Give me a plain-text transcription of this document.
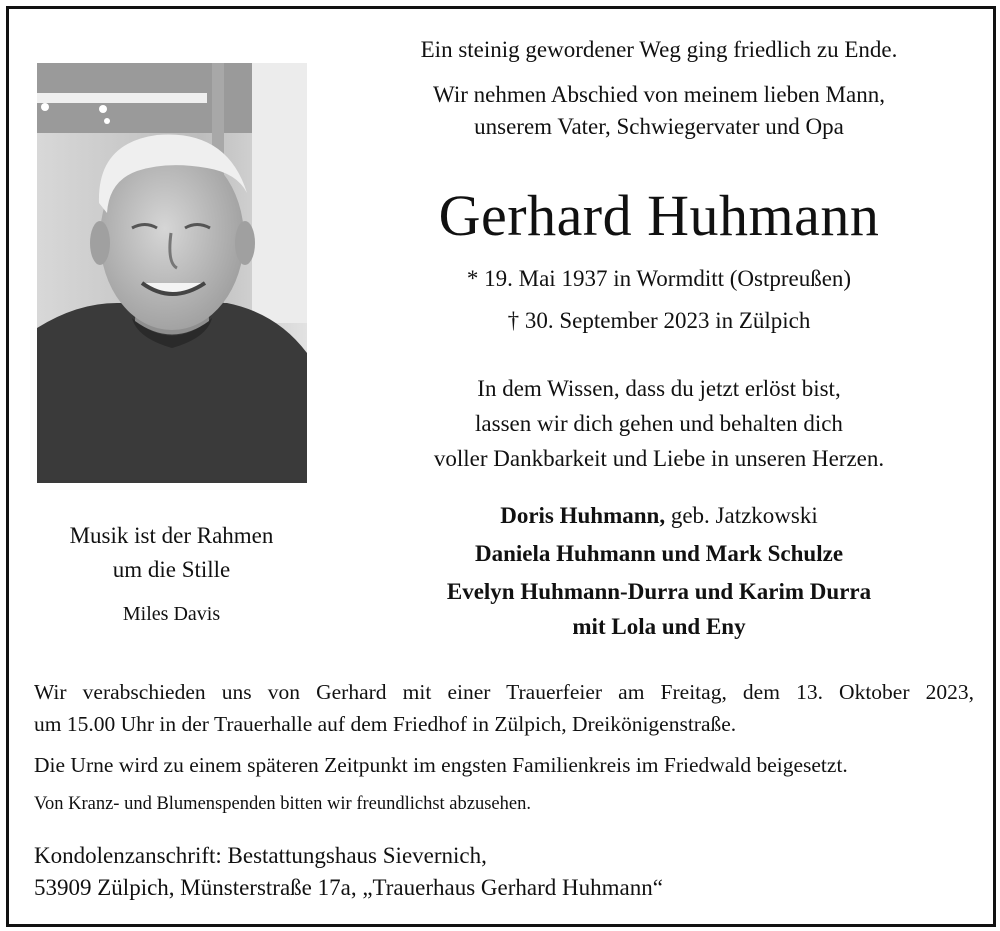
Ein steinig gewordener Weg ging friedlich zu Ende.
Wir nehmen Abschied von meinem lieben Mann,
unserem Vater, Schwiegervater und Opa
Gerhard Huhmann
* 19. Mai 1937 in Wormditt (Ostpreußen)
† 30. September 2023 in Zülpich
In dem Wissen, dass du jetzt erlöst bist,
lassen wir dich gehen und behalten dich
voller Dankbarkeit und Liebe in unseren Herzen.
Doris Huhmann, geb. Jatzkowski
Daniela Huhmann und Mark Schulze
Evelyn Huhmann-Durra und Karim Durra
mit Lola und Eny
Musik ist der Rahmen
um die Stille
Miles Davis
Wir verabschieden uns von Gerhard mit einer Trauerfeier am Freitag, dem 13. Oktober 2023,
um 15.00 Uhr in der Trauerhalle auf dem Friedhof in Zülpich, Dreikönigenstraße.
Die Urne wird zu einem späteren Zeitpunkt im engsten Familienkreis im Friedwald beigesetzt.
Von Kranz- und Blumenspenden bitten wir freundlichst abzusehen.
Kondolenzanschrift: Bestattungshaus Sievernich,
53909 Zülpich, Münsterstraße 17a, „Trauerhaus Gerhard Huhmann“
